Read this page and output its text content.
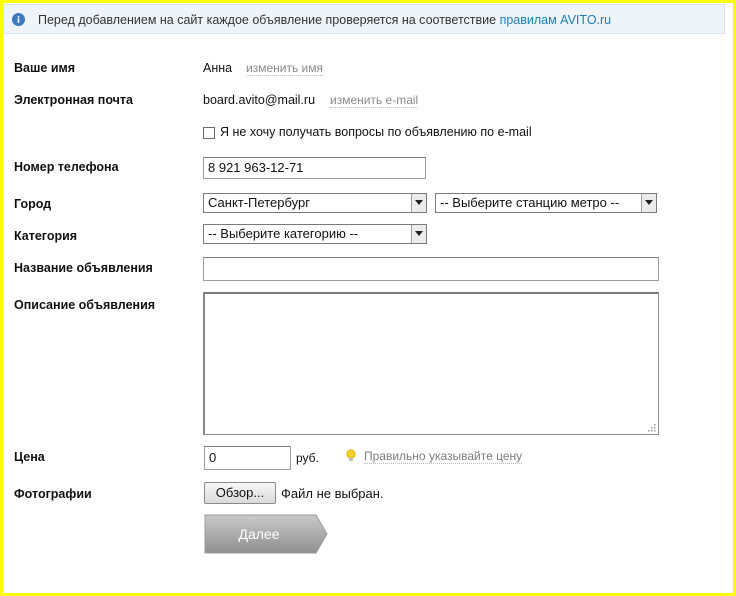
Перед добавлением на сайт каждое объявление проверяется на соответствие правилам AVITO.ru
Ваше имя	Анна изменить имя
Электронная почта	board.avito@mail.ru изменить e-mail
Я не хочу получать вопросы по объявлению по e-mail
Номер телефона	8 921 963-12-71
Город	Санкт-Петербург	-- Выберите станцию метро --
Категория	-- Выберите категорию --
Название объявления
Описание объявления
Цена	0	руб.	Правильно указывайте цену
Фотографии	Обзор...	Файл не выбран.
Далее
